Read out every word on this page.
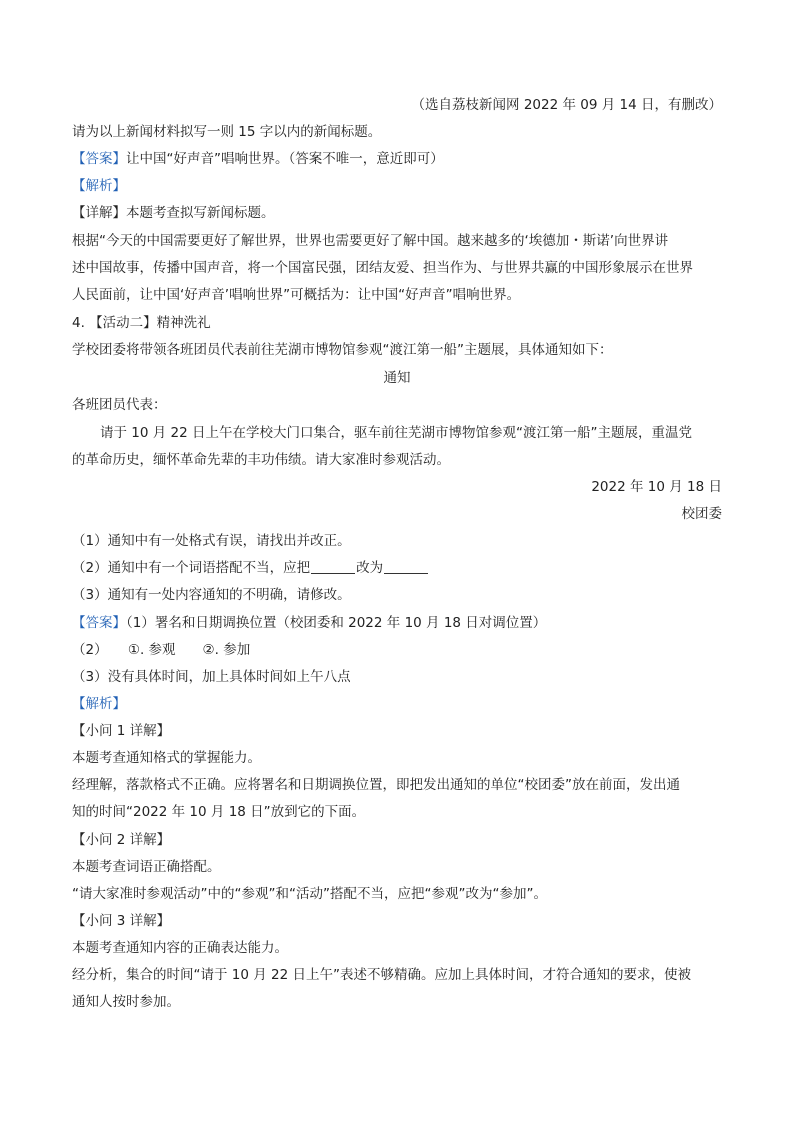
（选自荔枝新闻网 2022 年 09 月 14 日，有删改）
请为以上新闻材料拟写一则 15 字以内的新闻标题。
【答案】让中国“好声音”唱响世界。（答案不唯一，意近即可）
【解析】
【详解】本题考查拟写新闻标题。
根据“今天的中国需要更好了解世界，世界也需要更好了解中国。越来越多的‘埃德加・斯诺’向世界讲
述中国故事，传播中国声音，将一个国富民强，团结友爱、担当作为、与世界共赢的中国形象展示在世界
人民面前，让中国‘好声音’唱响世界”可概括为：让中国“好声音”唱响世界。
4. 【活动二】精神洗礼
学校团委将带领各班团员代表前往芜湖市博物馆参观“渡江第一船”主题展，具体通知如下：
通知
各班团员代表：
请于 10 月 22 日上午在学校大门口集合，驱车前往芜湖市博物馆参观“渡江第一船”主题展，重温党
的革命历史，缅怀革命先辈的丰功伟绩。请大家准时参观活动。
2022 年 10 月 18 日
校团委
（1）通知中有一处格式有误，请找出并改正。
（2）通知中有一个词语搭配不当，应把	改为
（3）通知有一处内容通知的不明确，请修改。
【答案】（1）署名和日期调换位置（校团委和 2022 年 10 月 18 日对调位置）
（2）　　①. 参观　　②. 参加
（3）没有具体时间，加上具体时间如上午八点
【解析】
【小问 1 详解】
本题考查通知格式的掌握能力。
经理解，落款格式不正确。应将署名和日期调换位置，即把发出通知的单位“校团委”放在前面，发出通
知的时间“2022 年 10 月 18 日”放到它的下面。
【小问 2 详解】
本题考查词语正确搭配。
“请大家准时参观活动”中的“参观”和“活动”搭配不当，应把“参观”改为“参加”。
【小问 3 详解】
本题考查通知内容的正确表达能力。
经分析，集合的时间“请于 10 月 22 日上午”表述不够精确。应加上具体时间，才符合通知的要求，使被
通知人按时参加。
